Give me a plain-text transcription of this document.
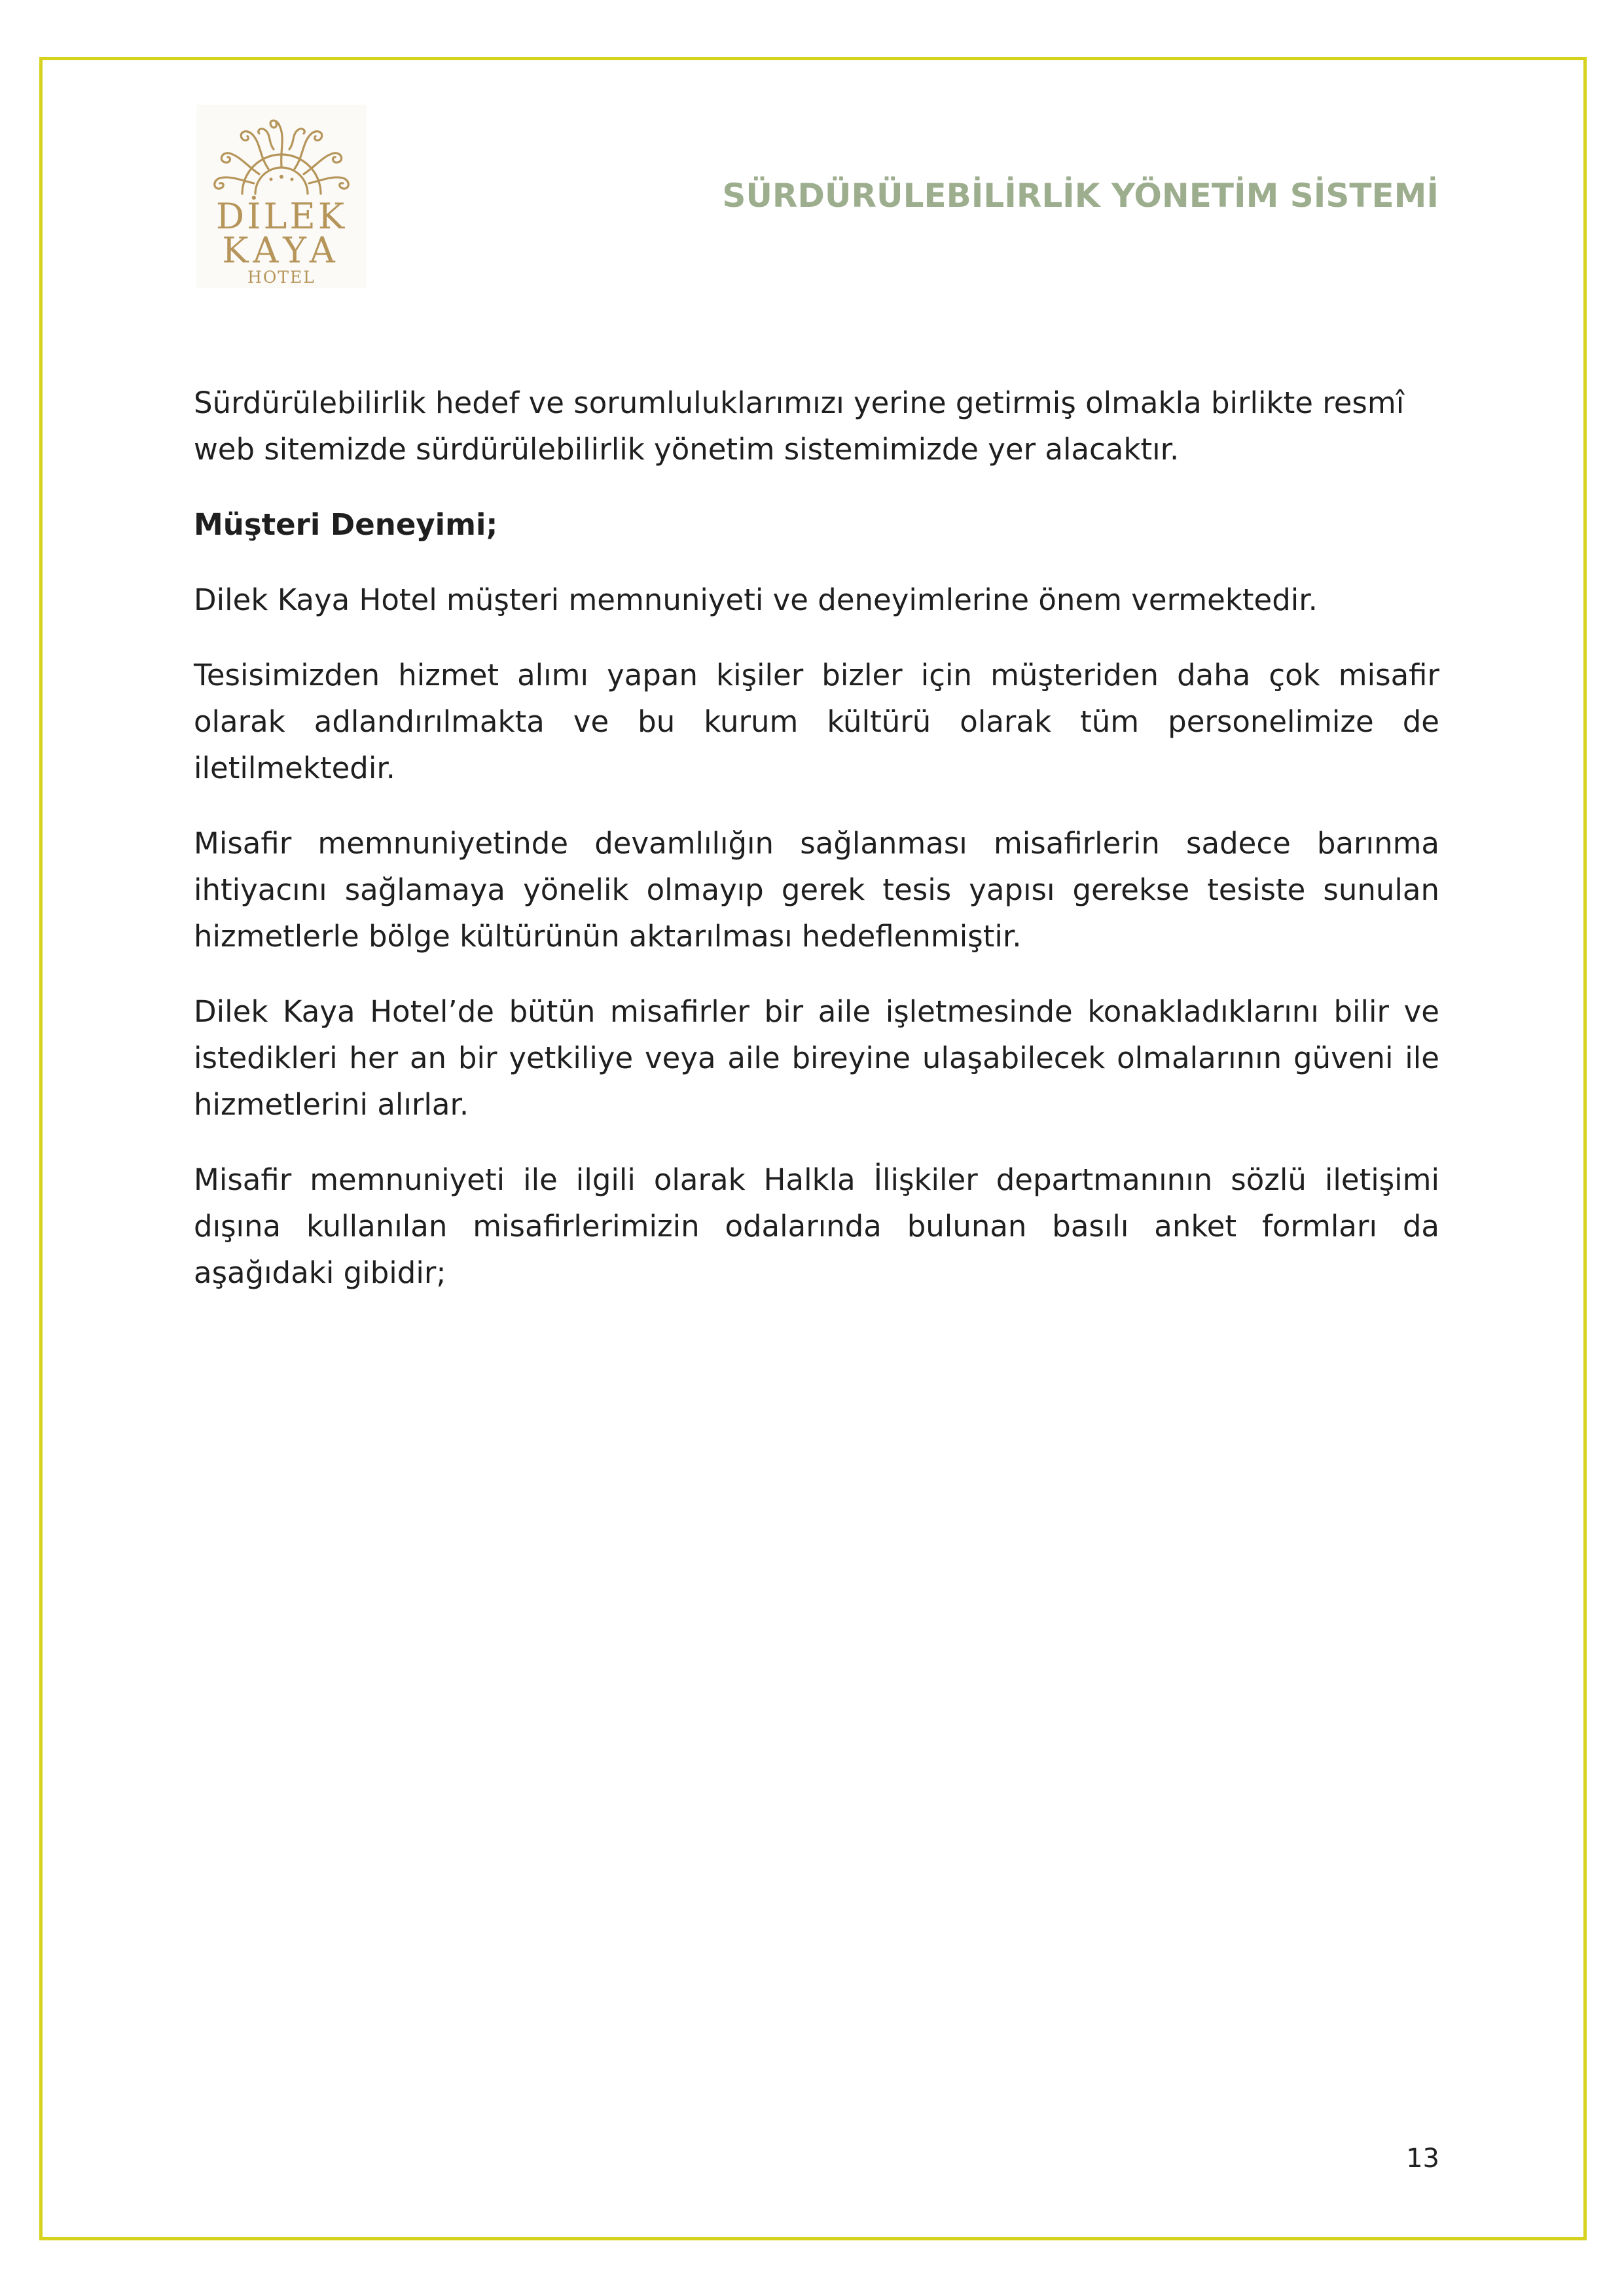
DİLEK
KAYA
HOTEL
SÜRDÜRÜLEBİLİRLİK YÖNETİM SİSTEMİ

Sürdürülebilirlik hedef ve sorumluluklarımızı yerine getirmiş olmakla birlikte resmî web sitemizde sürdürülebilirlik yönetim sistemimizde yer alacaktır.

Müşteri Deneyimi;

Dilek Kaya Hotel müşteri memnuniyeti ve deneyimlerine önem vermektedir.

Tesisimizden hizmet alımı yapan kişiler bizler için müşteriden daha çok misafir olarak adlandırılmakta ve bu kurum kültürü olarak tüm personelimize de iletilmektedir.

Misafir memnuniyetinde devamlılığın sağlanması misafirlerin sadece barınma ihtiyacını sağlamaya yönelik olmayıp gerek tesis yapısı gerekse tesiste sunulan hizmetlerle bölge kültürünün aktarılması hedeflenmiştir.

Dilek Kaya Hotel’de bütün misafirler bir aile işletmesinde konakladıklarını bilir ve istedikleri her an bir yetkiliye veya aile bireyine ulaşabilecek olmalarının güveni ile hizmetlerini alırlar.

Misafir memnuniyeti ile ilgili olarak Halkla İlişkiler departmanının sözlü iletişimi dışına kullanılan misafirlerimizin odalarında bulunan basılı anket formları da aşağıdaki gibidir;

13
